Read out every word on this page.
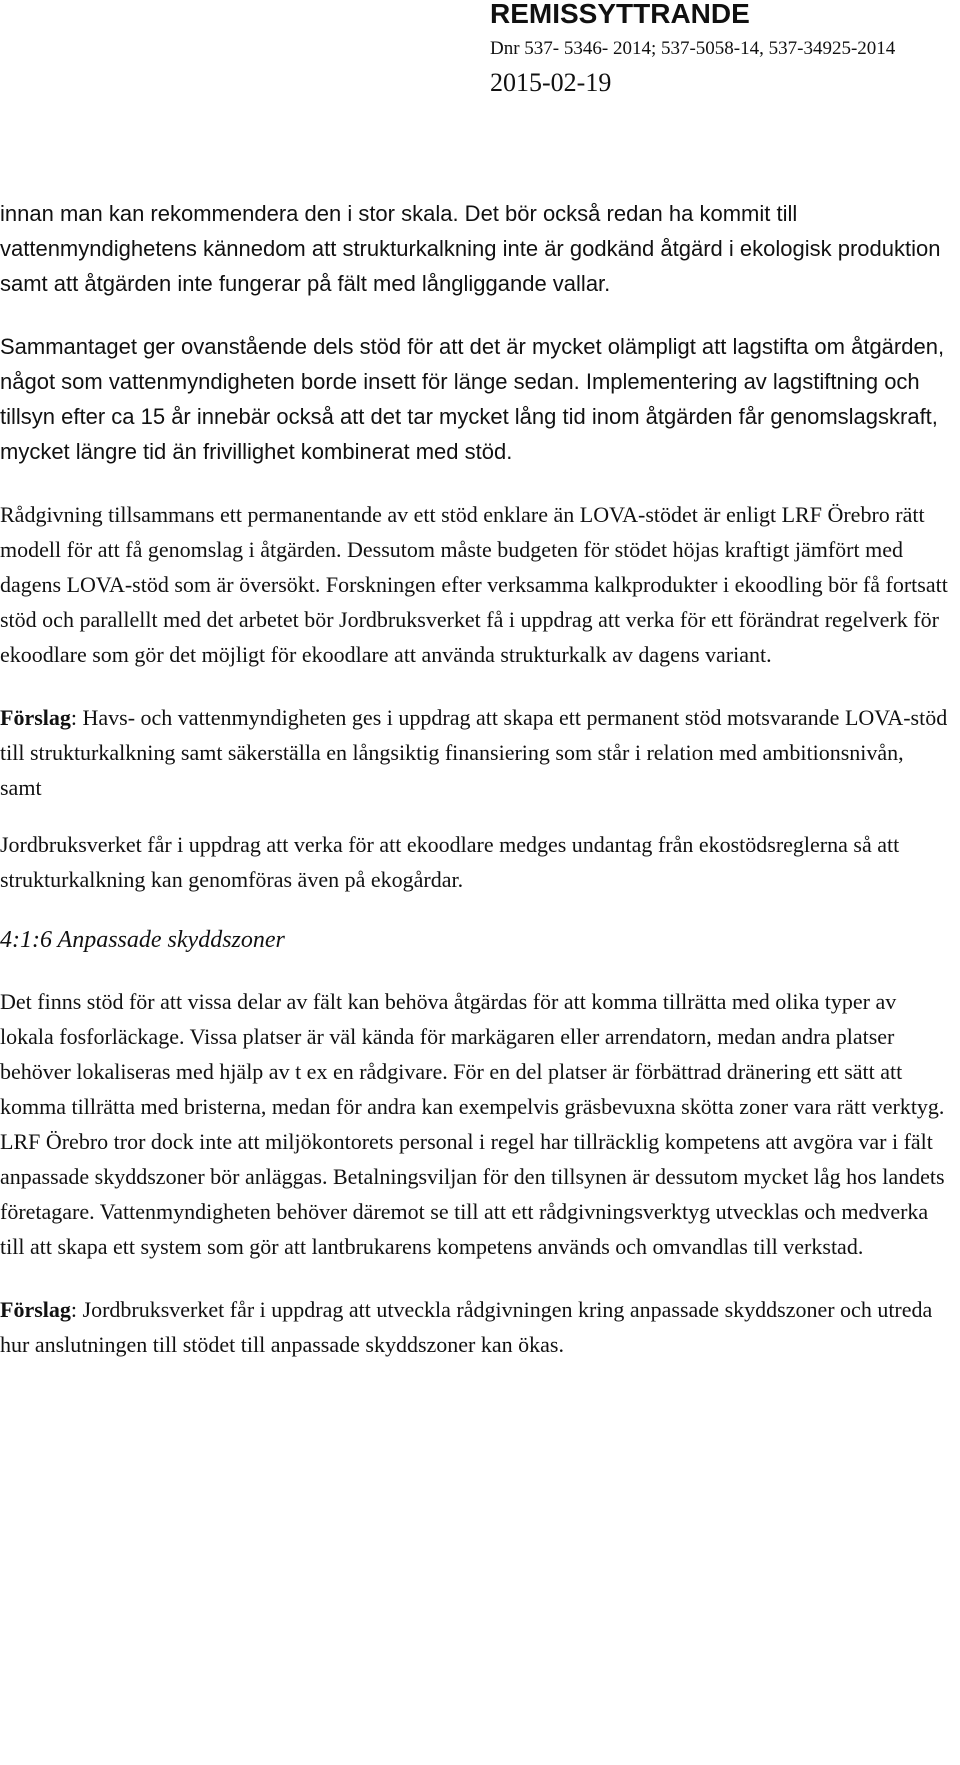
REMISSYTTRANDE
Dnr 537- 5346- 2014; 537-5058-14, 537-34925-2014
2015-02-19

innan man kan rekommendera den i stor skala. Det bör också redan ha kommit till vattenmyndighetens kännedom att strukturkalkning inte är godkänd åtgärd i ekologisk produktion samt att åtgärden inte fungerar på fält med långliggande vallar.

Sammantaget ger ovanstående dels stöd för att det är mycket olämpligt att lagstifta om åtgärden, något som vattenmyndigheten borde insett för länge sedan. Implementering av lagstiftning och tillsyn efter ca 15 år innebär också att det tar mycket lång tid inom åtgärden får genomslagskraft, mycket längre tid än frivillighet kombinerat med stöd.

Rådgivning tillsammans ett permanentande av ett stöd enklare än LOVA-stödet är enligt LRF Örebro rätt modell för att få genomslag i åtgärden. Dessutom måste budgeten för stödet höjas kraftigt jämfört med dagens LOVA-stöd som är översökt. Forskningen efter verksamma kalkprodukter i ekoodling bör få fortsatt stöd och parallellt med det arbetet bör Jordbruksverket få i uppdrag att verka för ett förändrat regelverk för ekoodlare som gör det möjligt för ekoodlare att använda strukturkalk av dagens variant.

Förslag: Havs- och vattenmyndigheten ges i uppdrag att skapa ett permanent stöd motsvarande LOVA-stöd till strukturkalkning samt säkerställa en långsiktig finansiering som står i relation med ambitionsnivån, samt

Jordbruksverket får i uppdrag att verka för att ekoodlare medges undantag från ekostödsreglerna så att strukturkalkning kan genomföras även på ekogårdar.

4:1:6 Anpassade skyddszoner

Det finns stöd för att vissa delar av fält kan behöva åtgärdas för att komma tillrätta med olika typer av lokala fosforläckage. Vissa platser är väl kända för markägaren eller arrendatorn, medan andra platser behöver lokaliseras med hjälp av t ex en rådgivare. För en del platser är förbättrad dränering ett sätt att komma tillrätta med bristerna, medan för andra kan exempelvis gräsbevuxna skötta zoner vara rätt verktyg. LRF Örebro tror dock inte att miljökontorets personal i regel har tillräcklig kompetens att avgöra var i fält anpassade skyddszoner bör anläggas. Betalningsviljan för den tillsynen är dessutom mycket låg hos landets företagare. Vattenmyndigheten behöver däremot se till att ett rådgivningsverktyg utvecklas och medverka till att skapa ett system som gör att lantbrukarens kompetens används och omvandlas till verkstad.

Förslag: Jordbruksverket får i uppdrag att utveckla rådgivningen kring anpassade skyddszoner och utreda hur anslutningen till stödet till anpassade skyddszoner kan ökas.
